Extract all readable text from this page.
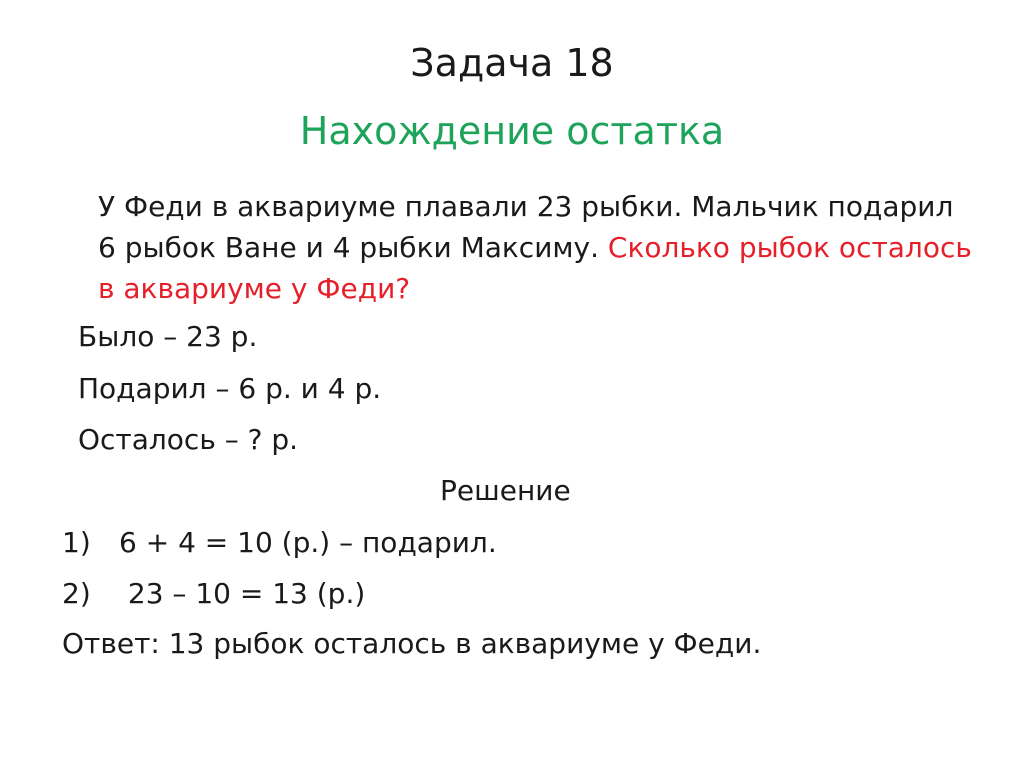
Задача 18
Нахождение остатка
У Феди в аквариуме плавали 23 рыбки. Мальчик подарил 6 рыбок Ване и 4 рыбки Максиму. Сколько рыбок осталось в аквариуме у Феди?
Было – 23 р.
Подарил – 6 р. и 4 р.
Осталось – ? р.
Решение
1) 6 + 4 = 10 (р.) – подарил.
2) 23 – 10 = 13 (р.)
Ответ: 13 рыбок осталось в аквариуме у Феди.
